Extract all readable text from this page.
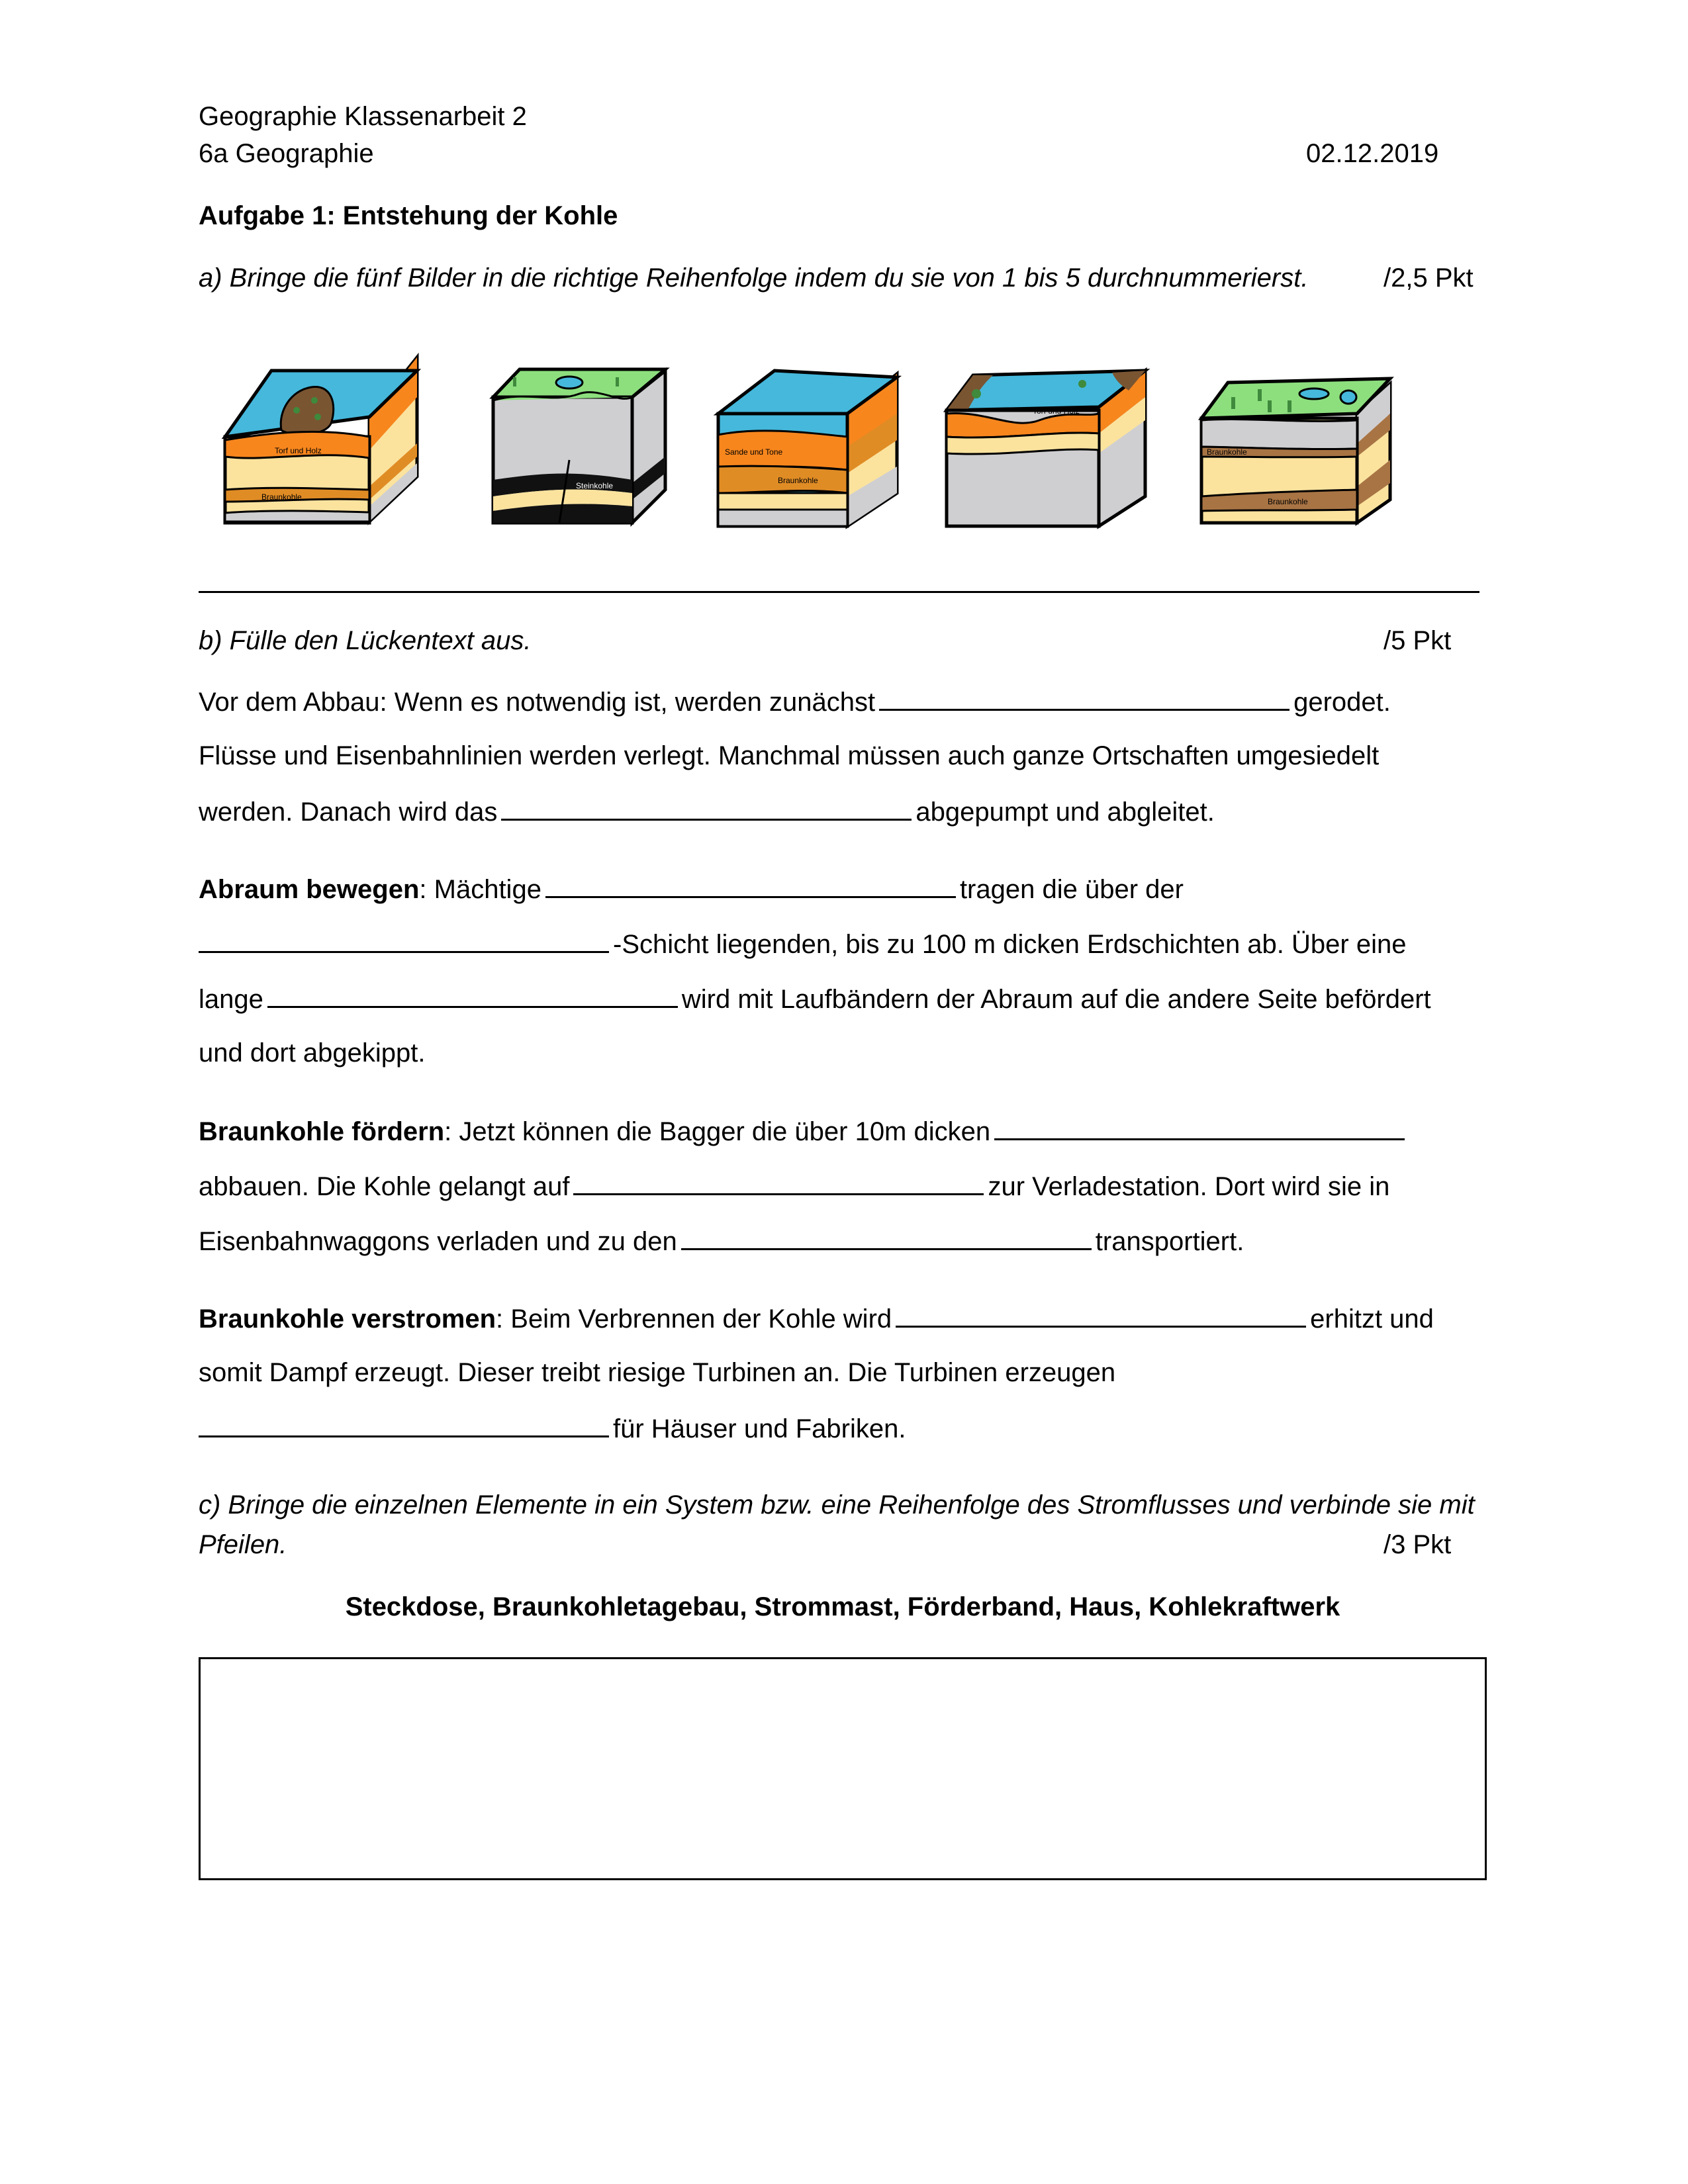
Geographie Klassenarbeit 2
6a Geographie	02.12.2019
Aufgabe 1: Entstehung der Kohle
a) Bringe die fünf Bilder in die richtige Reihenfolge indem du sie von 1 bis 5 durchnummerierst.	/2,5 Pkt
Torf und Holz
Braunkohle
Steinkohle
Sande und Tone
Braunkohle
Torf und Holz
Braunkohle
Braunkohle
b) Fülle den Lückentext aus.	/5 Pkt
Vor dem Abbau: Wenn es notwendig ist, werden zunächst	gerodet.
Flüsse und Eisenbahnlinien werden verlegt. Manchmal müssen auch ganze Ortschaften umgesiedelt
werden. Danach wird das	abgepumpt und abgleitet.
Abraum bewegen: Mächtige	tragen die über der
-Schicht liegenden, bis zu 100 m dicken Erdschichten ab. Über eine
lange	wird mit Laufbändern der Abraum auf die andere Seite befördert
und dort abgekippt.
Braunkohle fördern: Jetzt können die Bagger die über 10m dicken
abbauen. Die Kohle gelangt auf	zur Verladestation. Dort wird sie in
Eisenbahnwaggons verladen und zu den	transportiert.
Braunkohle verstromen: Beim Verbrennen der Kohle wird	erhitzt und
somit Dampf erzeugt. Dieser treibt riesige Turbinen an. Die Turbinen erzeugen
für Häuser und Fabriken.
c) Bringe die einzelnen Elemente in ein System bzw. eine Reihenfolge des Stromflusses und verbinde sie mit
Pfeilen.	/3 Pkt
Steckdose, Braunkohletagebau, Strommast, Förderband, Haus, Kohlekraftwerk
